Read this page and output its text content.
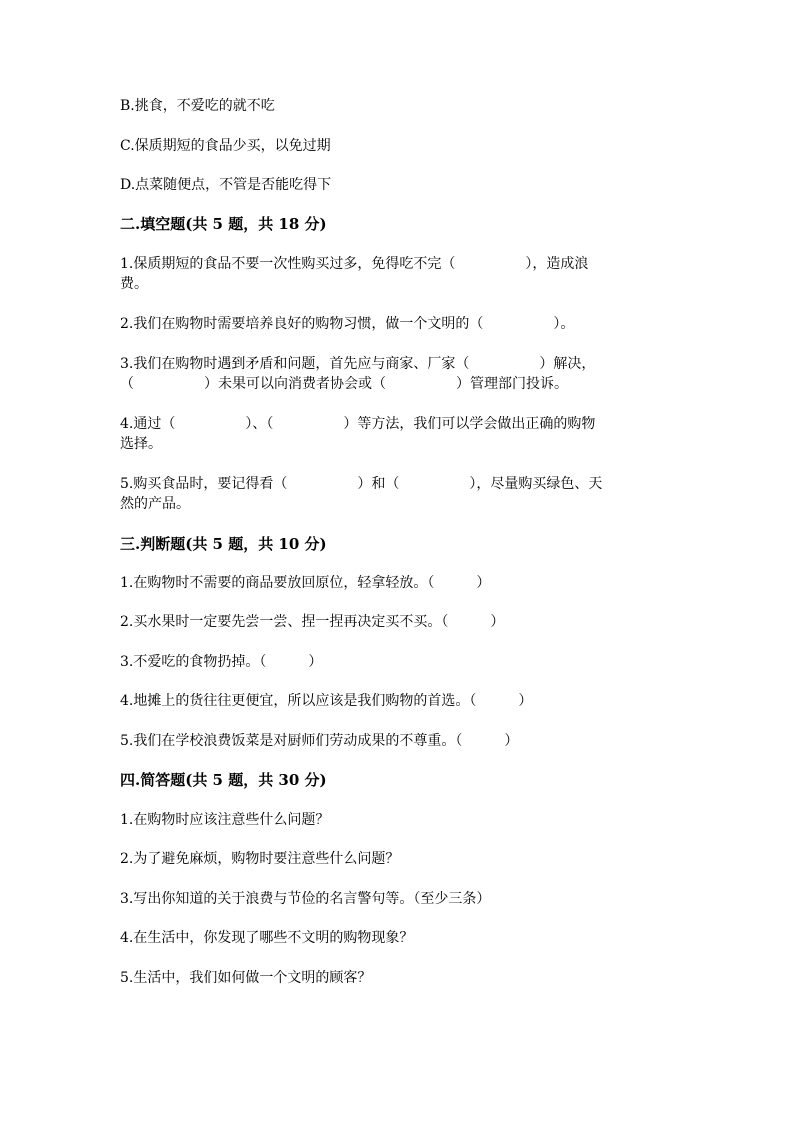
B.挑食，不爱吃的就不吃
C.保质期短的食品少买，以免过期
D.点菜随便点，不管是否能吃得下
二.填空题(共 5 题，共 18 分)
1.保质期短的食品不要一次性购买过多，免得吃不完（　　　　　），造成浪
费。
2.我们在购物时需要培养良好的购物习惯，做一个文明的（　　　　　）。
3.我们在购物时遇到矛盾和问题，首先应与商家、厂家（　　　　　）解决，
（　　　　　）未果可以向消费者协会或（　　　　　）管理部门投诉。
4.通过（　　　　　）、（　　　　　）等方法，我们可以学会做出正确的购物
选择。
5.购买食品时，要记得看（　　　　　）和（　　　　　），尽量购买绿色、天
然的产品。
三.判断题(共 5 题，共 10 分)
1.在购物时不需要的商品要放回原位，轻拿轻放。（　　　）
2.买水果时一定要先尝一尝、捏一捏再决定买不买。（　　　）
3.不爱吃的食物扔掉。（　　　）
4.地摊上的货往往更便宜，所以应该是我们购物的首选。（　　　）
5.我们在学校浪费饭菜是对厨师们劳动成果的不尊重。（　　　）
四.简答题(共 5 题，共 30 分)
1.在购物时应该注意些什么问题？
2.为了避免麻烦，购物时要注意些什么问题？
3.写出你知道的关于浪费与节俭的名言警句等。（至少三条）
4.在生活中，你发现了哪些不文明的购物现象？
5.生活中，我们如何做一个文明的顾客？
